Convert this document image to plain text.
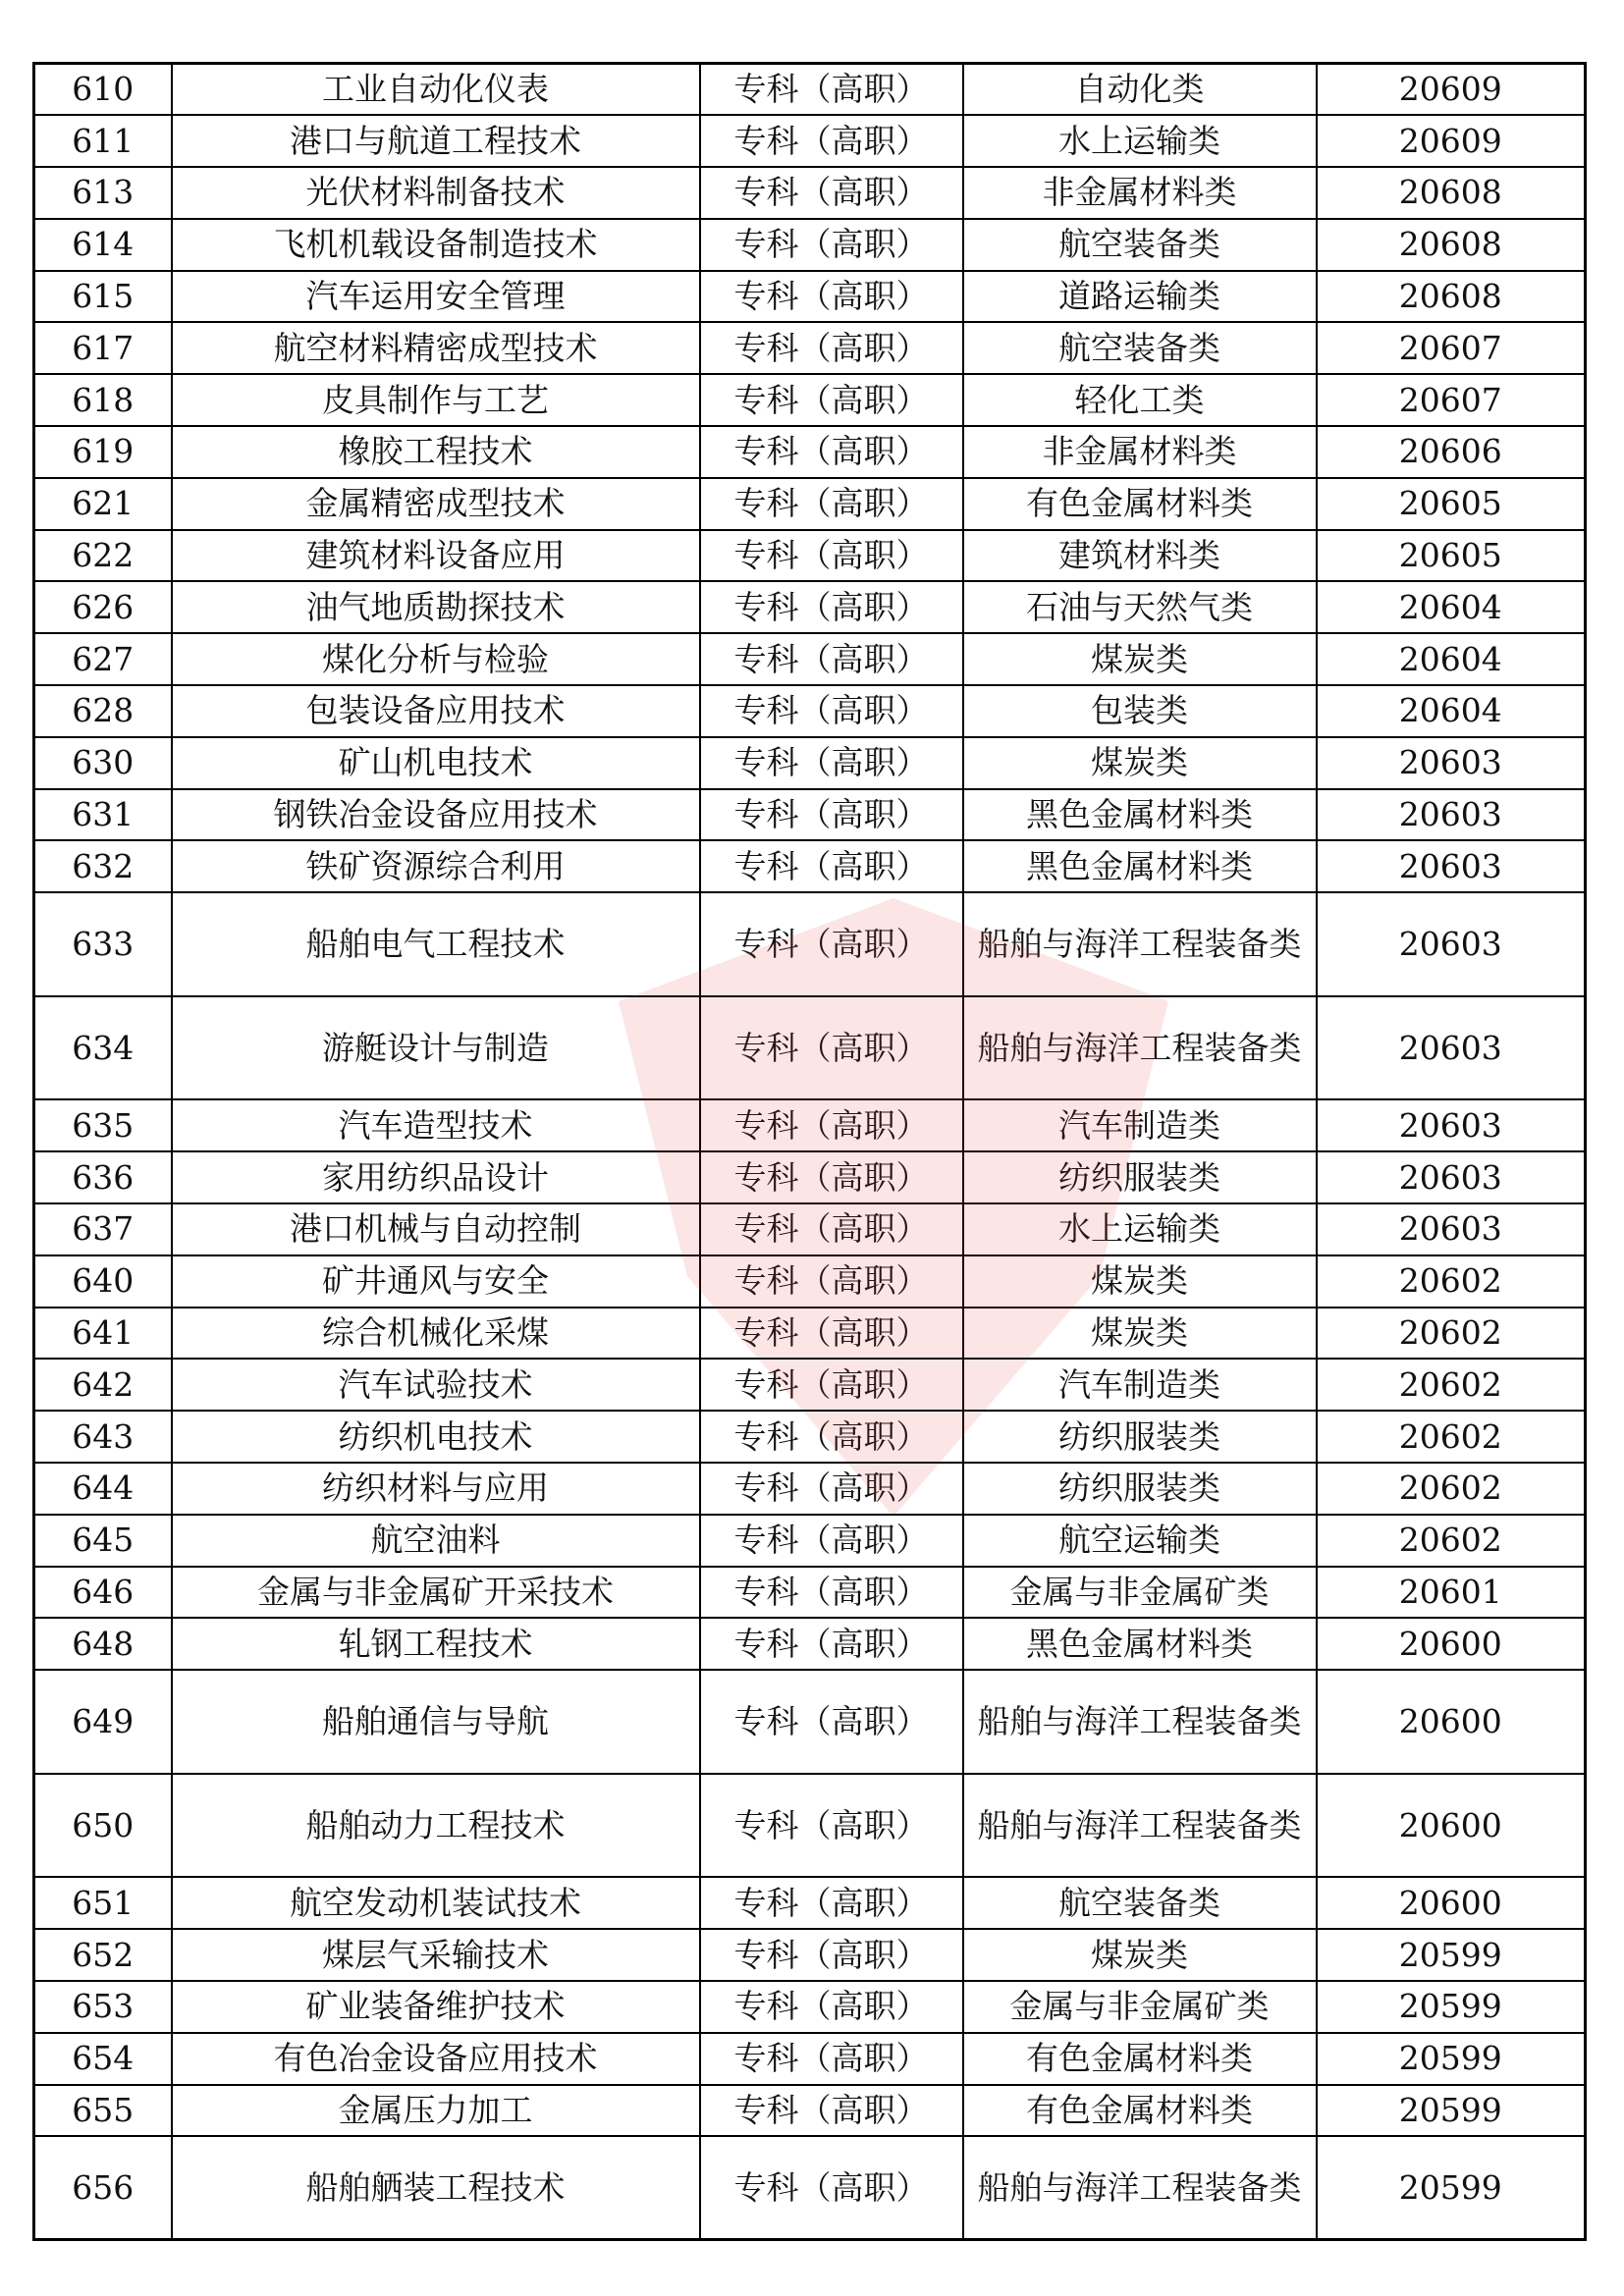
610	工业自动化仪表	专科（高职）	自动化类	20609
611	港口与航道工程技术	专科（高职）	水上运输类	20609
613	光伏材料制备技术	专科（高职）	非金属材料类	20608
614	飞机机载设备制造技术	专科（高职）	航空装备类	20608
615	汽车运用安全管理	专科（高职）	道路运输类	20608
617	航空材料精密成型技术	专科（高职）	航空装备类	20607
618	皮具制作与工艺	专科（高职）	轻化工类	20607
619	橡胶工程技术	专科（高职）	非金属材料类	20606
621	金属精密成型技术	专科（高职）	有色金属材料类	20605
622	建筑材料设备应用	专科（高职）	建筑材料类	20605
626	油气地质勘探技术	专科（高职）	石油与天然气类	20604
627	煤化分析与检验	专科（高职）	煤炭类	20604
628	包装设备应用技术	专科（高职）	包装类	20604
630	矿山机电技术	专科（高职）	煤炭类	20603
631	钢铁冶金设备应用技术	专科（高职）	黑色金属材料类	20603
632	铁矿资源综合利用	专科（高职）	黑色金属材料类	20603
633	船舶电气工程技术	专科（高职）	船舶与海洋工程装备类	20603
634	游艇设计与制造	专科（高职）	船舶与海洋工程装备类	20603
635	汽车造型技术	专科（高职）	汽车制造类	20603
636	家用纺织品设计	专科（高职）	纺织服装类	20603
637	港口机械与自动控制	专科（高职）	水上运输类	20603
640	矿井通风与安全	专科（高职）	煤炭类	20602
641	综合机械化采煤	专科（高职）	煤炭类	20602
642	汽车试验技术	专科（高职）	汽车制造类	20602
643	纺织机电技术	专科（高职）	纺织服装类	20602
644	纺织材料与应用	专科（高职）	纺织服装类	20602
645	航空油料	专科（高职）	航空运输类	20602
646	金属与非金属矿开采技术	专科（高职）	金属与非金属矿类	20601
648	轧钢工程技术	专科（高职）	黑色金属材料类	20600
649	船舶通信与导航	专科（高职）	船舶与海洋工程装备类	20600
650	船舶动力工程技术	专科（高职）	船舶与海洋工程装备类	20600
651	航空发动机装试技术	专科（高职）	航空装备类	20600
652	煤层气采输技术	专科（高职）	煤炭类	20599
653	矿业装备维护技术	专科（高职）	金属与非金属矿类	20599
654	有色冶金设备应用技术	专科（高职）	有色金属材料类	20599
655	金属压力加工	专科（高职）	有色金属材料类	20599
656	船舶舾装工程技术	专科（高职）	船舶与海洋工程装备类	20599
